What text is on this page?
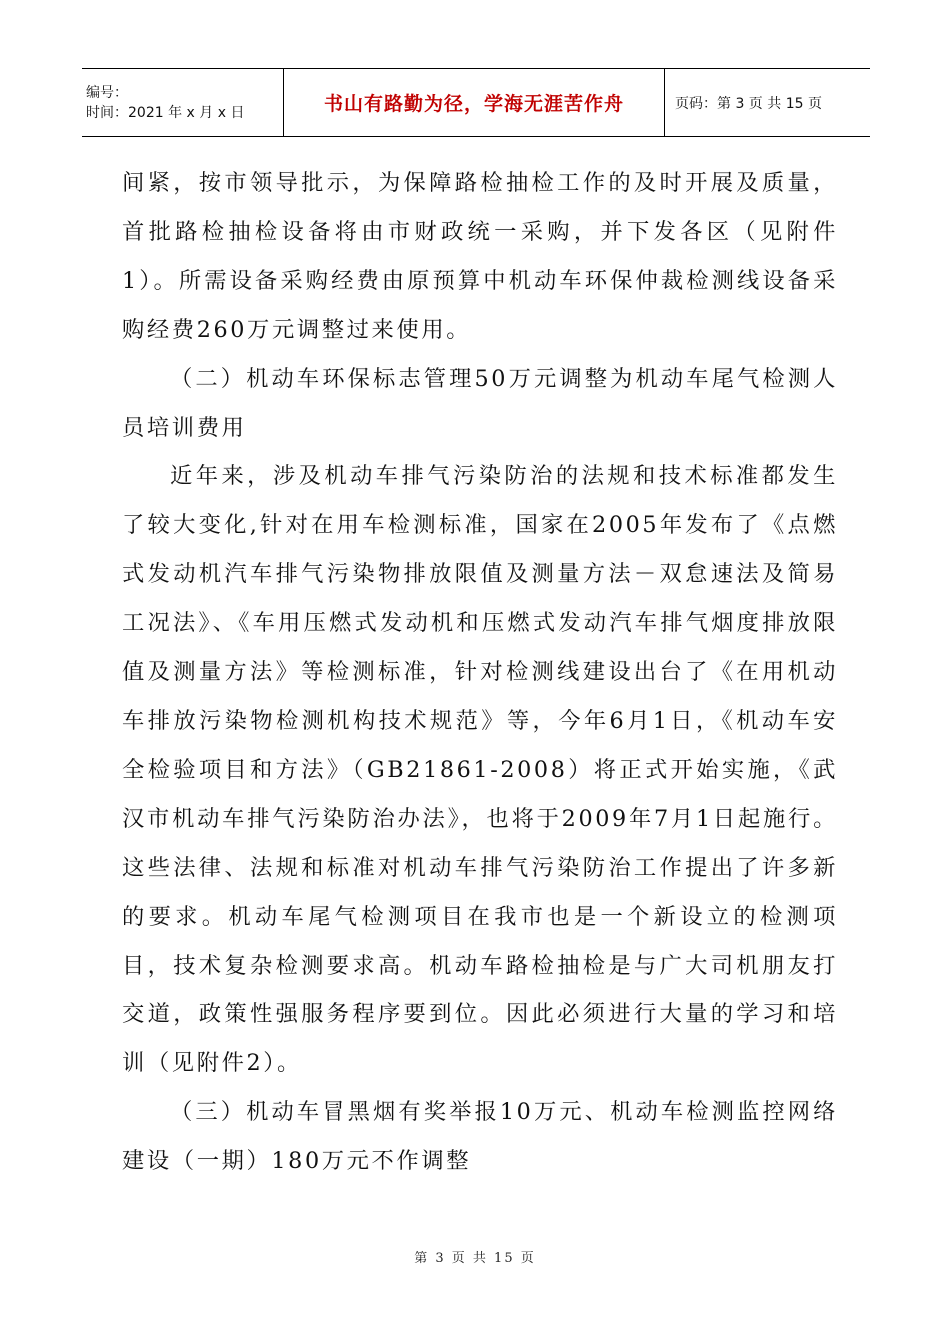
编号：
时间：2021 年 x 月 x 日	书山有路勤为径，学海无涯苦作舟	页码：第 3 页 共 15 页

间紧，按市领导批示，为保障路检抽检工作的及时开展及质量，首批路检抽检设备将由市财政统一采购，并下发各区（见附件1）。所需设备采购经费由原预算中机动车环保仲裁检测线设备采购经费260万元调整过来使用。

（二）机动车环保标志管理50万元调整为机动车尾气检测人员培训费用

近年来，涉及机动车排气污染防治的法规和技术标准都发生了较大变化,针对在用车检测标准，国家在2005年发布了《点燃式发动机汽车排气污染物排放限值及测量方法－双怠速法及简易工况法》、《车用压燃式发动机和压燃式发动汽车排气烟度排放限值及测量方法》等检测标准，针对检测线建设出台了《在用机动车排放污染物检测机构技术规范》等，今年6月1日，《机动车安全检验项目和方法》（GB21861-2008）将正式开始实施，《武汉市机动车排气污染防治办法》，也将于2009年7月1日起施行。这些法律、法规和标准对机动车排气污染防治工作提出了许多新的要求。机动车尾气检测项目在我市也是一个新设立的检测项目，技术复杂检测要求高。机动车路检抽检是与广大司机朋友打交道，政策性强服务程序要到位。因此必须进行大量的学习和培训（见附件2）。

（三）机动车冒黑烟有奖举报10万元、机动车检测监控网络建设（一期）180万元不作调整

第 3 页 共 15 页
